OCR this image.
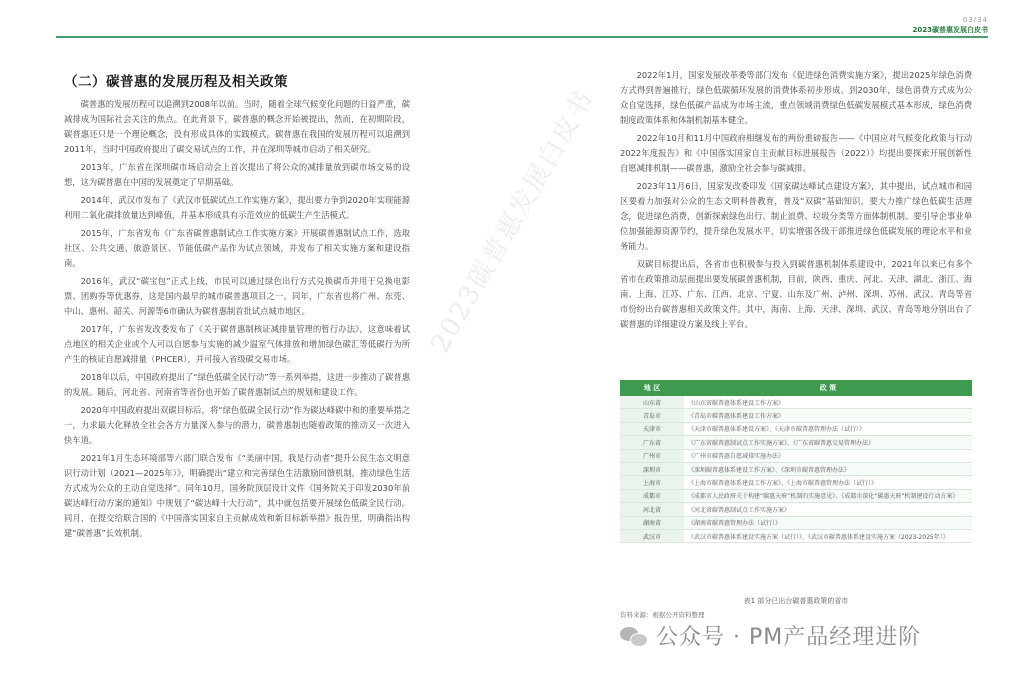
03/34
2023碳普惠发展白皮书
（二）碳普惠的发展历程及相关政策

碳普惠的发展历程可以追溯到2008年以前。当时，随着全球气候变化问题的日益严重，碳减排成为国际社会关注的焦点。在此背景下，碳普惠的概念开始被提出，然而，在初期阶段，碳普惠还只是一个理论概念，没有形成具体的实践模式。碳普惠在我国的发展历程可以追溯到2011年，当时中国政府提出了碳交易试点的工作，并在深圳等城市启动了相关研究。

2013年，广东省在深圳碳市场启动会上首次提出了将公众的减排量放到碳市场交易的设想，这为碳普惠在中国的发展奠定了早期基础。

2014年，武汉市发布了《武汉市低碳试点工作实施方案》，提出要力争到2020年实现能源利用二氧化碳排放量达到峰值，并基本形成具有示范效应的低碳生产生活模式。

2015年，广东省发布《广东省碳普惠制试点工作实施方案》开展碳普惠制试点工作，选取社区、公共交通、旅游景区、节能低碳产品作为试点领域，并发布了相关实施方案和建设指南。

2016年，武汉“碳宝包”正式上线，市民可以通过绿色出行方式兑换碳币并用于兑换电影票、团购券等优惠券，这是国内最早的城市碳普惠项目之一。同年，广东省也将广州、东莞、中山、惠州、韶关、河源等6市确认为碳普惠制首批试点城市地区。

2017年，广东省发改委发布了《关于碳普惠制核证减排量管理的暂行办法》，这意味着试点地区的相关企业或个人可以自愿参与实施的减少温室气体排放和增加绿色碳汇等低碳行为所产生的核证自愿减排量（PHCER），并可接入省级碳交易市场。

2018年以后，中国政府提出了“绿色低碳全民行动”等一系列举措，这进一步推动了碳普惠的发展。随后，河北省、河南省等省份也开始了碳普惠制试点的规划和建设工作。

2020年中国政府提出双碳目标后，将“绿色低碳全民行动”作为碳达峰碳中和的重要举措之一，力求最大化释放全社会各方力量深入参与的潜力，碳普惠制也随着政策的推动又一次进入快车道。

2021年1月生态环境部等六部门联合发布《“美丽中国，我是行动者”提升公民生态文明意识行动计划（2021—2025年）》，明确提出“建立和完善绿色生活激励回馈机制，推动绿色生活方式成为公众的主动自觉选择”。同年10月，国务院顶层设计文件《国务院关于印发2030年前碳达峰行动方案的通知》中规划了“碳达峰十大行动”，其中就包括要开展绿色低碳全民行动。同月，在提交给联合国的《中国落实国家自主贡献成效和新目标新举措》报告里，明确指出构建“碳普惠”长效机制。

2022年1月，国家发展改革委等部门发布《促进绿色消费实施方案》，提出2025年绿色消费方式得到普遍推行，绿色低碳循环发展的消费体系初步形成。到2030年，绿色消费方式成为公众自觉选择，绿色低碳产品成为市场主流，重点领域消费绿色低碳发展模式基本形成，绿色消费制度政策体系和体制机制基本健全。

2022年10月和11月中国政府相继发布的两份重磅报告——《中国应对气候变化政策与行动2022年度报告》和《中国落实国家自主贡献目标进展报告（2022）》均提出要探索开展创新性自愿减排机制——碳普惠，激励全社会参与碳减排。

2023年11月6日，国家发改委印发《国家碳达峰试点建设方案》，其中提出，试点城市和园区要着力加强对公众的生态文明科普教育，普及“双碳”基础知识，要大力推广绿色低碳生活理念，促进绿色消费，创新探索绿色出行、制止浪费、垃圾分类等方面体制机制。要引导企事业单位加强能源资源节约，提升绿色发展水平，切实增强各级干部推进绿色低碳发展的理论水平和业务能力。

双碳目标提出后，各省市也积极参与投入到碳普惠机制体系建设中，2021年以来已有多个省市在政策推动层面提出要发展碳普惠机制，目前，陕西、重庆、河北、天津、湖北、浙江、海南、上海、江苏、广东、江西、北京、宁夏、山东及广州、泸州、深圳、苏州、武汉、青岛等省市份纷出台碳普惠相关政策文件。其中，海南、上海、天津、深圳、武汉、青岛等地分别出台了碳普惠的详细建设方案及线上平台。

地 区	政 策
山东省	《山东省碳普惠体系建设工作方案》
青岛市	《青岛市碳普惠体系建设工作方案》
天津市	《天津市碳普惠体系建设方案》、《天津市碳普惠管理办法（试行）》
广东省	《广东省碳普惠制试点工作实施方案》、《广东省碳普惠交易管理办法》
广州市	《广州市碳普惠自愿减排实施办法》
深圳市	《深圳碳普惠体系建设工作方案》、《深圳市碳普惠管理办法》
上海市	《上海市碳普惠体系建设工作方案》、《上海市碳普惠管理办法（试行）》
成都市	《成都市人民政府关于构建“碳惠天府”机制的实施意见》、《成都市深化“碳惠天府”机制建设行动方案》
河北省	《河北省碳普惠制试点工作实施方案》
湖南省	《湖南省碳普惠管理办法（试行）》
武汉市	《武汉市碳普惠体系建设实施方案（试行）》、《武汉市碳普惠体系建设实施方案（2023-2025年）》
表1 部分已出台碳普惠政策的省市
资料来源：根据公开资料整理
2023碳普惠发展白皮书
公众号 · PM产品经理进阶
